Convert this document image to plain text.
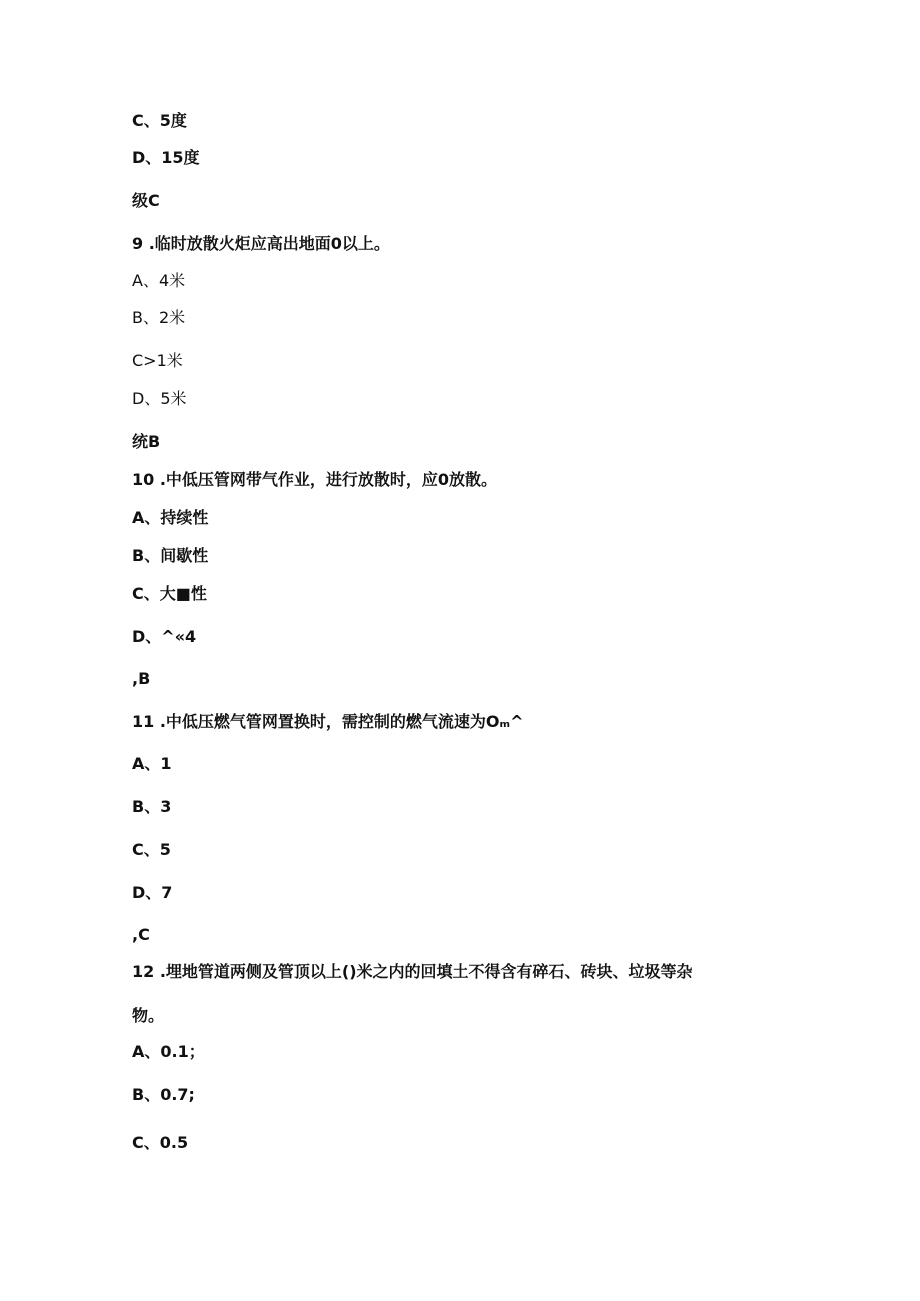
C、5度
D、15度
级C
9 .临时放散火炬应高出地面0以上。
A、4米
B、2米
C>1米
D、5米
统B
10 .中低压管网带气作业，进行放散时，应0放散。
A、持续性
B、间歇性
C、大■性
D、^«4
,B
11 .中低压燃气管网置换时，需控制的燃气流速为Oₘ^
A、1
B、3
C、5
D、7
,C
12 .埋地管道两侧及管顶以上()米之内的回填土不得含有碎石、砖块、垃圾等杂
物。
A、0.1；
B、0.7;
C、0.5
